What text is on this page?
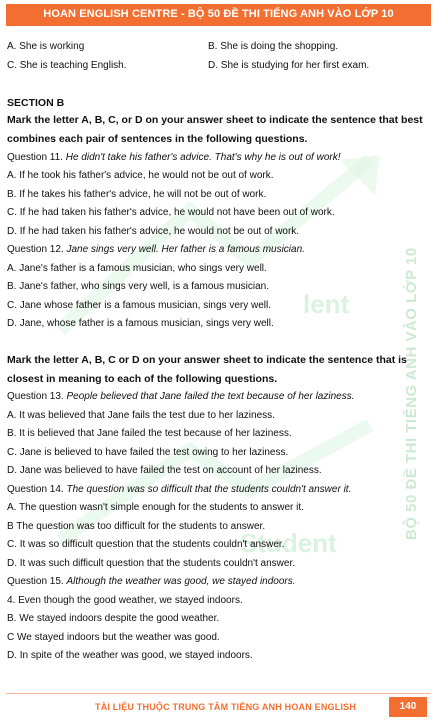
HOAN ENGLISH CENTRE - BỘ 50 ĐỀ THI TIẾNG ANH VÀO LỚP 10
BỘ 50 ĐỀ THI TIẾNG ANH VÀO LỚP 10
lent
Student
A. She is working	B. She is doing the shopping.
C. She is teaching English.	D. She is studying for her first exam.
SECTION B
Mark the letter A, B, C, or D on your answer sheet to indicate the sentence that best
combines each pair of sentences in the following questions.
Question 11. He didn't take his father's advice. That's why he is out of work!
A. If he took his father's advice, he would not be out of work.
B. If he takes his father's advice, he will not be out of work.
C. If he had taken his father's advice, he would not have been out of work.
D. If he had taken his father's advice, he would not be out of work.
Question 12. Jane sings very well. Her father is a famous musician.
A. Jane's father is a famous musician, who sings very well.
B. Jane's father, who sings very well, is a famous musician.
C. Jane whose father is a famous musician, sings very well.
D. Jane, whose father is a famous musician, sings very well.
Mark the letter A, B, C or D on your answer sheet to indicate the sentence that is
closest in meaning to each of the following questions.
Question 13. People believed that Jane failed the text because of her laziness.
A. It was believed that Jane fails the test due to her laziness.
B. It is believed that Jane failed the test because of her laziness.
C. Jane is believed to have failed the test owing to her laziness.
D. Jane was believed to have failed the test on account of her laziness.
Question 14. The question was so difficult that the students couldn't answer it.
A. The question wasn't simple enough for the students to answer it.
B The question was too difficult for the students to answer.
C. It was so difficult question that the students couldn't answer.
D. It was such difficult question that the students couldn't answer.
Question 15. Although the weather was good, we stayed indoors.
4. Even though the good weather, we stayed indoors.
B. We stayed indoors despite the good weather.
C We stayed indoors but the weather was good.
D. In spite of the weather was good, we stayed indoors.
TÀI LIỆU THUỘC TRUNG TÂM TIẾNG ANH HOAN ENGLISH	140
